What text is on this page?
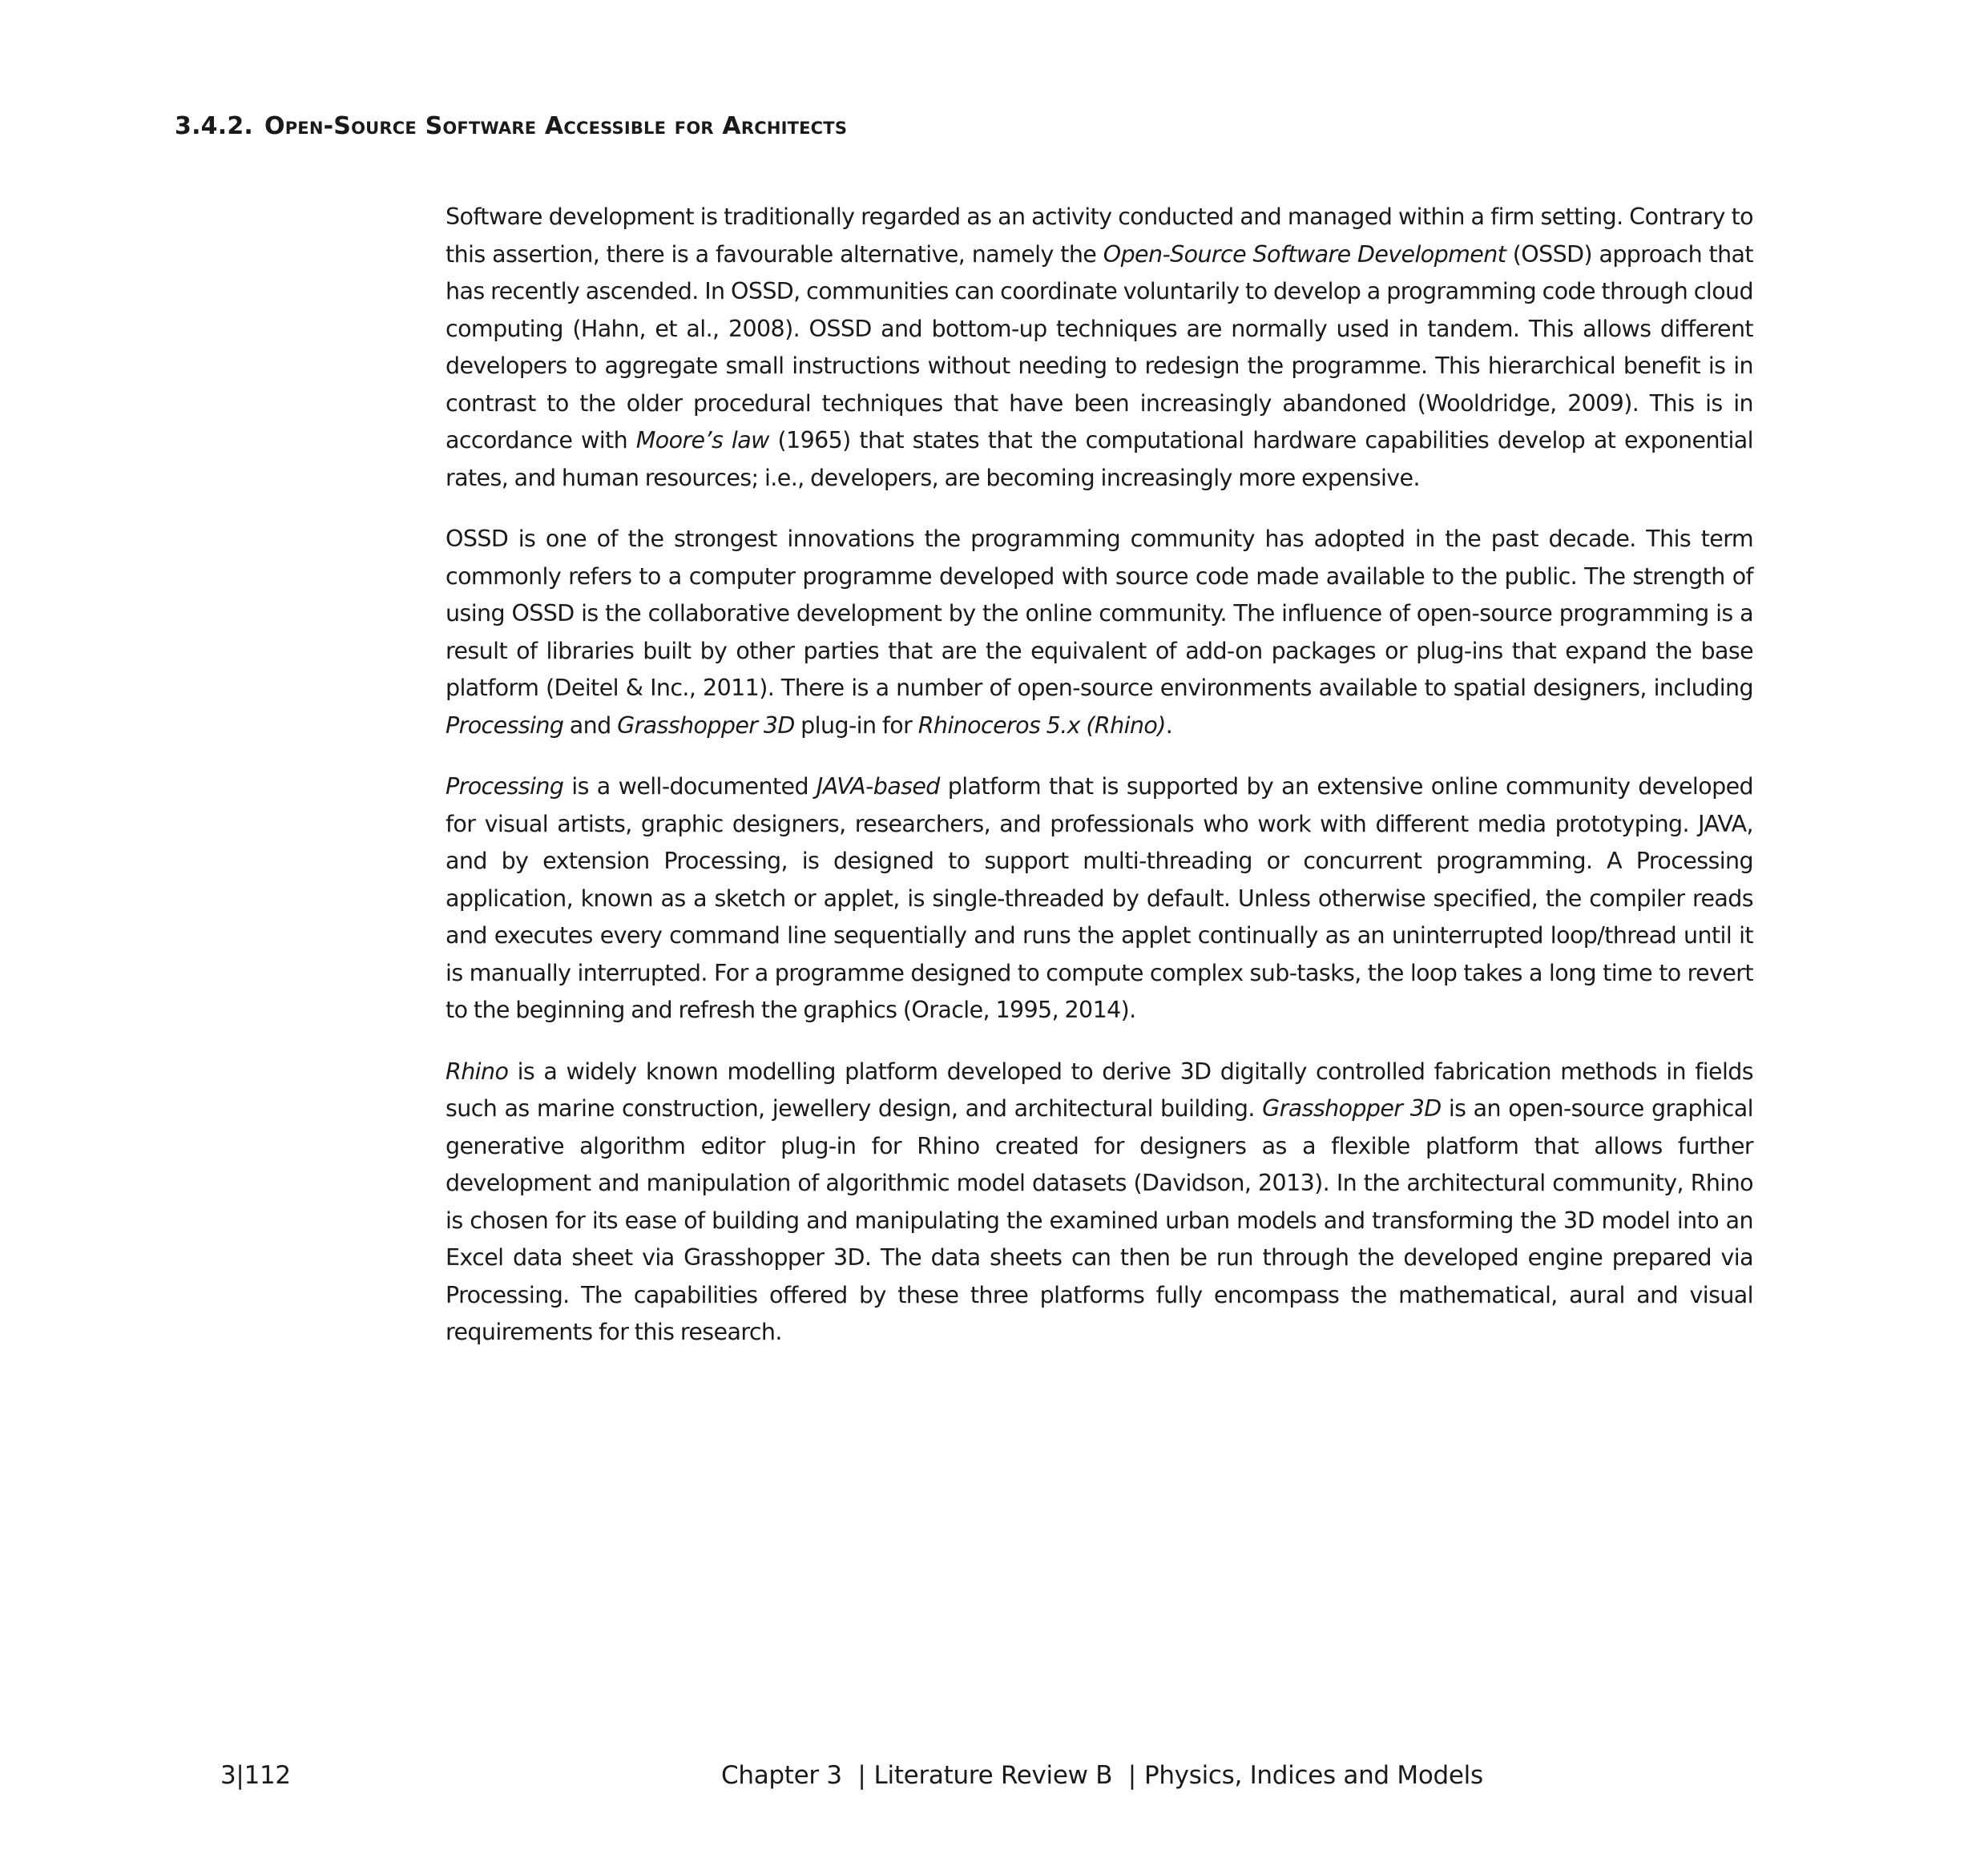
3.4.2. Open-Source Software Accessible for Architects

Software development is traditionally regarded as an activity conducted and managed within a firm setting. Contrary to this assertion, there is a favourable alternative, namely the Open-Source Software Development (OSSD) approach that has recently ascended. In OSSD, communities can coordinate voluntarily to develop a programming code through cloud computing (Hahn, et al., 2008). OSSD and bottom-up techniques are normally used in tandem. This allows different developers to aggregate small instructions without needing to redesign the programme. This hierarchical benefit is in contrast to the older procedural techniques that have been increasingly abandoned (Wooldridge, 2009). This is in accordance with Moore’s law (1965) that states that the computational hardware capabilities develop at exponential rates, and human resources; i.e., developers, are becoming increasingly more expensive.

OSSD is one of the strongest innovations the programming community has adopted in the past decade. This term commonly refers to a computer programme developed with source code made available to the public. The strength of using OSSD is the collaborative development by the online community. The influence of open-source programming is a result of libraries built by other parties that are the equivalent of add-on packages or plug-ins that expand the base platform (Deitel & Inc., 2011). There is a number of open-source environments available to spatial designers, including Processing and Grasshopper 3D plug-in for Rhinoceros 5.x (Rhino).

Processing is a well-documented JAVA-based platform that is supported by an extensive online community developed for visual artists, graphic designers, researchers, and professionals who work with different media prototyping. JAVA, and by extension Processing, is designed to support multi-threading or concurrent programming. A Processing application, known as a sketch or applet, is single-threaded by default. Unless otherwise specified, the compiler reads and executes every command line sequentially and runs the applet continually as an uninterrupted loop/thread until it is manually interrupted. For a programme designed to compute complex sub-tasks, the loop takes a long time to revert to the beginning and refresh the graphics (Oracle, 1995, 2014).

Rhino is a widely known modelling platform developed to derive 3D digitally controlled fabrication methods in fields such as marine construction, jewellery design, and architectural building. Grasshopper 3D is an open-source graphical generative algorithm editor plug-in for Rhino created for designers as a flexible platform that allows further development and manipulation of algorithmic model datasets (Davidson, 2013). In the architectural community, Rhino is chosen for its ease of building and manipulating the examined urban models and transforming the 3D model into an Excel data sheet via Grasshopper 3D. The data sheets can then be run through the developed engine prepared via Processing. The capabilities offered by these three platforms fully encompass the mathematical, aural and visual requirements for this research.

3|112	Chapter 3 | Literature Review B | Physics, Indices and Models
